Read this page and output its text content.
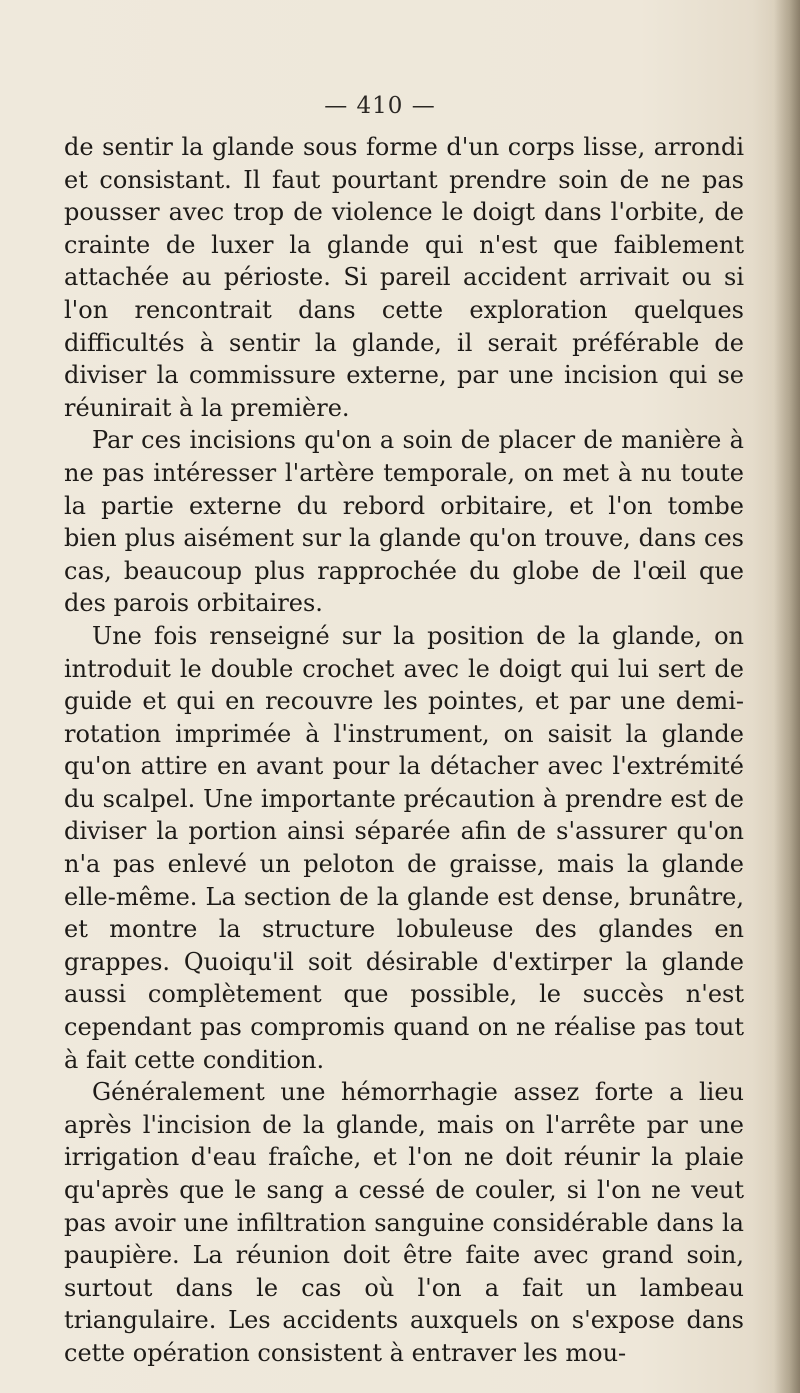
— 410 —

de sentir la glande sous forme d'un corps lisse, arrondi et consistant. Il faut pourtant prendre soin de ne pas pousser avec trop de violence le doigt dans l'orbite, de crainte de luxer la glande qui n'est que faiblement attachée au périoste. Si pareil accident arrivait ou si l'on rencontrait dans cette exploration quelques difficultés à sentir la glande, il serait préférable de diviser la commissure externe, par une incision qui se réunirait à la première.

Par ces incisions qu'on a soin de placer de manière à ne pas intéresser l'artère temporale, on met à nu toute la partie externe du rebord orbitaire, et l'on tombe bien plus aisément sur la glande qu'on trouve, dans ces cas, beaucoup plus rapprochée du globe de l'œil que des parois orbitaires.

Une fois renseigné sur la position de la glande, on introduit le double crochet avec le doigt qui lui sert de guide et qui en recouvre les pointes, et par une demi-rotation imprimée à l'instrument, on saisit la glande qu'on attire en avant pour la détacher avec l'extrémité du scalpel. Une importante précaution à prendre est de diviser la portion ainsi séparée afin de s'assurer qu'on n'a pas enlevé un peloton de graisse, mais la glande elle-même. La section de la glande est dense, brunâtre, et montre la structure lobuleuse des glandes en grappes. Quoiqu'il soit désirable d'extirper la glande aussi complètement que possible, le succès n'est cependant pas compromis quand on ne réalise pas tout à fait cette condition.

Généralement une hémorrhagie assez forte a lieu après l'incision de la glande, mais on l'arrête par une irrigation d'eau fraîche, et l'on ne doit réunir la plaie qu'après que le sang a cessé de couler, si l'on ne veut pas avoir une infiltration sanguine considérable dans la paupière. La réunion doit être faite avec grand soin, surtout dans le cas où l'on a fait un lambeau triangulaire. Les accidents auxquels on s'expose dans cette opération consistent à entraver les mou-
